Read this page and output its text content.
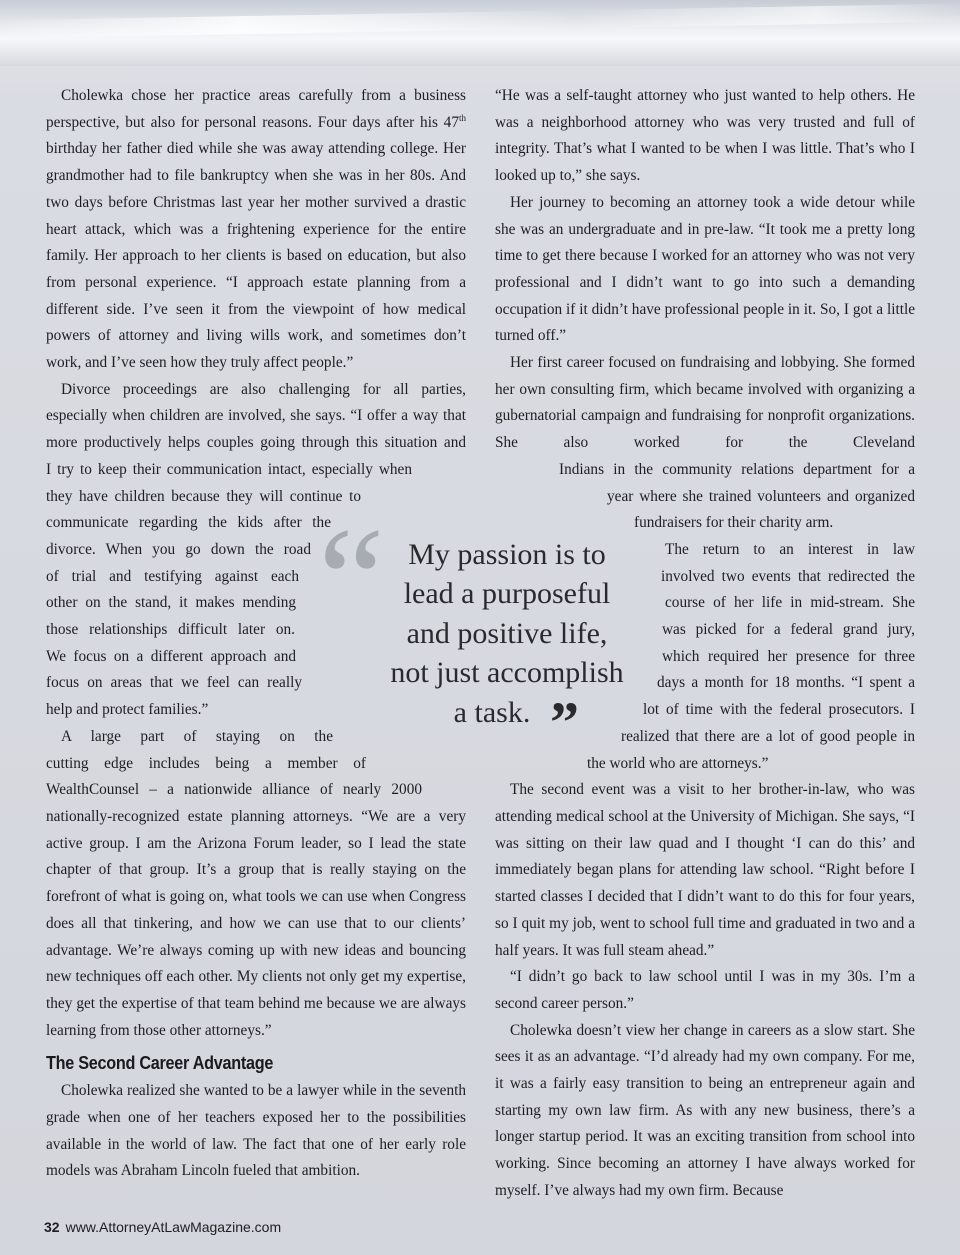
Cholewka chose her practice areas carefully from a business perspective, but also for personal reasons. Four days after his 47th birthday her father died while she was away attending college. Her grandmother had to file bankruptcy when she was in her 80s. And two days before Christmas last year her mother survived a drastic heart attack, which was a frightening experience for the entire family. Her approach to her clients is based on education, but also from personal experience. “I approach estate planning from a different side. I’ve seen it from the viewpoint of how medical powers of attorney and living wills work, and sometimes don’t work, and I’ve seen how they truly affect people.”

Divorce proceedings are also challenging for all parties, especially when children are involved, she says. “I offer a way that more productively helps couples going through this situation and

I try to keep their communication intact, especially when
they have children because they will continue to
communicate regarding the kids after the
divorce. When you go down the road
of trial and testifying against each
other on the stand, it makes mending
those relationships difficult later on.
We focus on a different approach and
focus on areas that we feel can really
help and protect families.”
A large part of staying on the
cutting edge includes being a member of
WealthCounsel – a nationwide alliance of nearly 2000

nationally-recognized estate planning attorneys. “We are a very active group. I am the Arizona Forum leader, so I lead the state chapter of that group. It’s a group that is really staying on the forefront of what is going on, what tools we can use when Congress does all that tinkering, and how we can use that to our clients’ advantage. We’re always coming up with new ideas and bouncing new techniques off each other. My clients not only get my expertise, they get the expertise of that team behind me because we are always learning from those other attorneys.”

The Second Career Advantage

Cholewka realized she wanted to be a lawyer while in the seventh grade when one of her teachers exposed her to the possibilities available in the world of law. The fact that one of her early role models was Abraham Lincoln fueled that ambition.

“He was a self-taught attorney who just wanted to help others. He was a neighborhood attorney who was very trusted and full of integrity. That’s what I wanted to be when I was little. That’s who I looked up to,” she says.

Her journey to becoming an attorney took a wide detour while she was an undergraduate and in pre-law. “It took me a pretty long time to get there because I worked for an attorney who was not very professional and I didn’t want to go into such a demanding occupation if it didn’t have professional people in it. So, I got a little turned off.”

Her first career focused on fundraising and lobbying. She formed her own consulting firm, which became involved with organizing a gubernatorial campaign and fundraising for nonprofit organizations. She also worked for the Cleveland

Indians in the community relations department for a
year where she trained volunteers and organized
fundraisers for their charity arm.
The return to an interest in law
involved two events that redirected the
course of her life in mid-stream. She
was picked for a federal grand jury,
which required her presence for three
days a month for 18 months. “I spent a
lot of time with the federal prosecutors. I
realized that there are a lot of good people in
the world who are attorneys.”

The second event was a visit to her brother-in-law, who was attending medical school at the University of Michigan. She says, “I was sitting on their law quad and I thought ‘I can do this’ and immediately began plans for attending law school. “Right before I started classes I decided that I didn’t want to do this for four years, so I quit my job, went to school full time and graduated in two and a half years. It was full steam ahead.”

“I didn’t go back to law school until I was in my 30s. I’m a second career person.”

Cholewka doesn’t view her change in careers as a slow start. She sees it as an advantage. “I’d already had my own company. For me, it was a fairly easy transition to being an entrepreneur again and starting my own law firm. As with any new business, there’s a longer startup period. It was an exciting transition from school into working. Since becoming an attorney I have always worked for myself. I’ve always had my own firm. Because

“ My passion is to
lead a purposeful
and positive life,
not just accomplish
a task. ”
32 www.AttorneyAtLawMagazine.com
